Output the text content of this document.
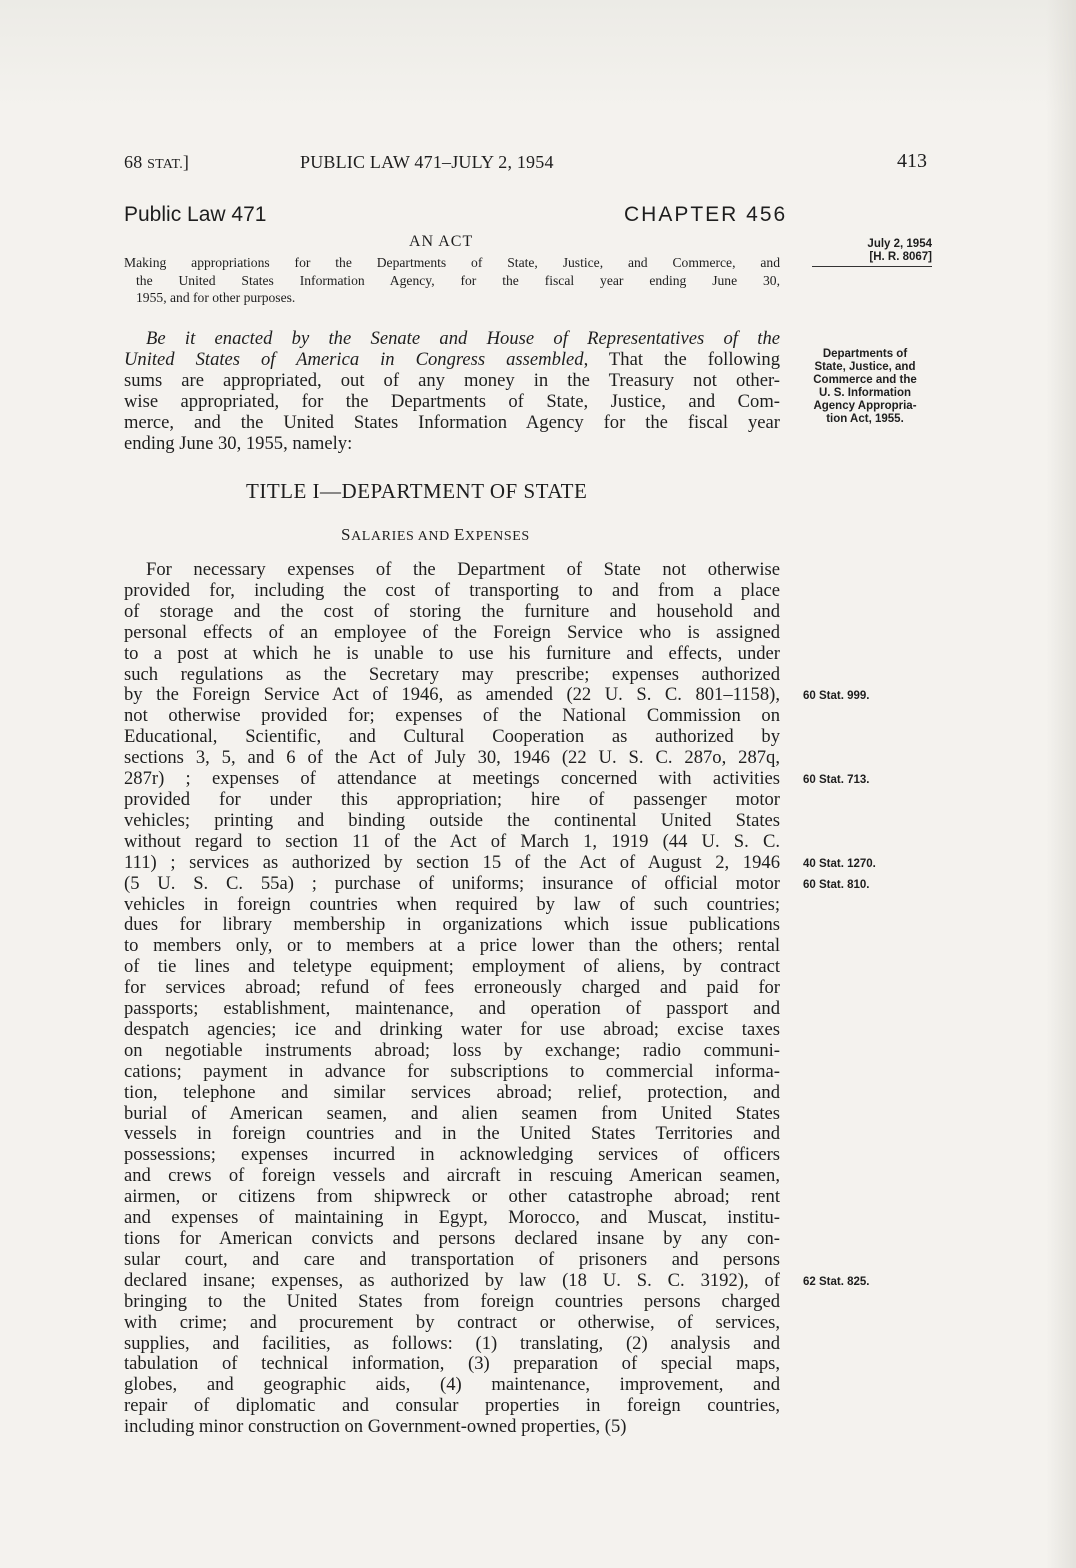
68 STAT.]	PUBLIC LAW 471–JULY 2, 1954	413
Public Law 471	CHAPTER 456
AN ACT
Making appropriations for the Departments of State, Justice, and Commerce, and
the United States Information Agency, for the fiscal year ending June 30,
1955, and for other purposes.
July 2, 1954
[H. R. 8067]
Be it enacted by the Senate and House of Representatives of the
United States of America in Congress assembled, That the following
sums are appropriated, out of any money in the Treasury not other-
wise appropriated, for the Departments of State, Justice, and Com-
merce, and the United States Information Agency for the fiscal year
ending June 30, 1955, namely:
Departments of
State, Justice, and
Commerce and the
U. S. Information
Agency Appropria-
tion Act, 1955.
TITLE I—DEPARTMENT OF STATE
SALARIES AND EXPENSES
For necessary expenses of the Department of State not otherwise
provided for, including the cost of transporting to and from a place
of storage and the cost of storing the furniture and household and
personal effects of an employee of the Foreign Service who is assigned
to a post at which he is unable to use his furniture and effects, under
such regulations as the Secretary may prescribe; expenses authorized
by the Foreign Service Act of 1946, as amended (22 U. S. C. 801–1158),
not otherwise provided for; expenses of the National Commission on
Educational, Scientific, and Cultural Cooperation as authorized by
sections 3, 5, and 6 of the Act of July 30, 1946 (22 U. S. C. 287o, 287q,
287r) ; expenses of attendance at meetings concerned with activities
provided for under this appropriation; hire of passenger motor
vehicles; printing and binding outside the continental United States
without regard to section 11 of the Act of March 1, 1919 (44 U. S. C.
111) ; services as authorized by section 15 of the Act of August 2, 1946
(5 U. S. C. 55a) ; purchase of uniforms; insurance of official motor
vehicles in foreign countries when required by law of such countries;
dues for library membership in organizations which issue publications
to members only, or to members at a price lower than the others; rental
of tie lines and teletype equipment; employment of aliens, by contract
for services abroad; refund of fees erroneously charged and paid for
passports; establishment, maintenance, and operation of passport and
despatch agencies; ice and drinking water for use abroad; excise taxes
on negotiable instruments abroad; loss by exchange; radio communi-
cations; payment in advance for subscriptions to commercial informa-
tion, telephone and similar services abroad; relief, protection, and
burial of American seamen, and alien seamen from United States
vessels in foreign countries and in the United States Territories and
possessions; expenses incurred in acknowledging services of officers
and crews of foreign vessels and aircraft in rescuing American seamen,
airmen, or citizens from shipwreck or other catastrophe abroad; rent
and expenses of maintaining in Egypt, Morocco, and Muscat, institu-
tions for American convicts and persons declared insane by any con-
sular court, and care and transportation of prisoners and persons
declared insane; expenses, as authorized by law (18 U. S. C. 3192), of
bringing to the United States from foreign countries persons charged
with crime; and procurement by contract or otherwise, of services,
supplies, and facilities, as follows: (1) translating, (2) analysis and
tabulation of technical information, (3) preparation of special maps,
globes, and geographic aids, (4) maintenance, improvement, and
repair of diplomatic and consular properties in foreign countries,
including minor construction on Government-owned properties, (5)
60 Stat. 999.
60 Stat. 713.
40 Stat. 1270.
60 Stat. 810.
62 Stat. 825.
